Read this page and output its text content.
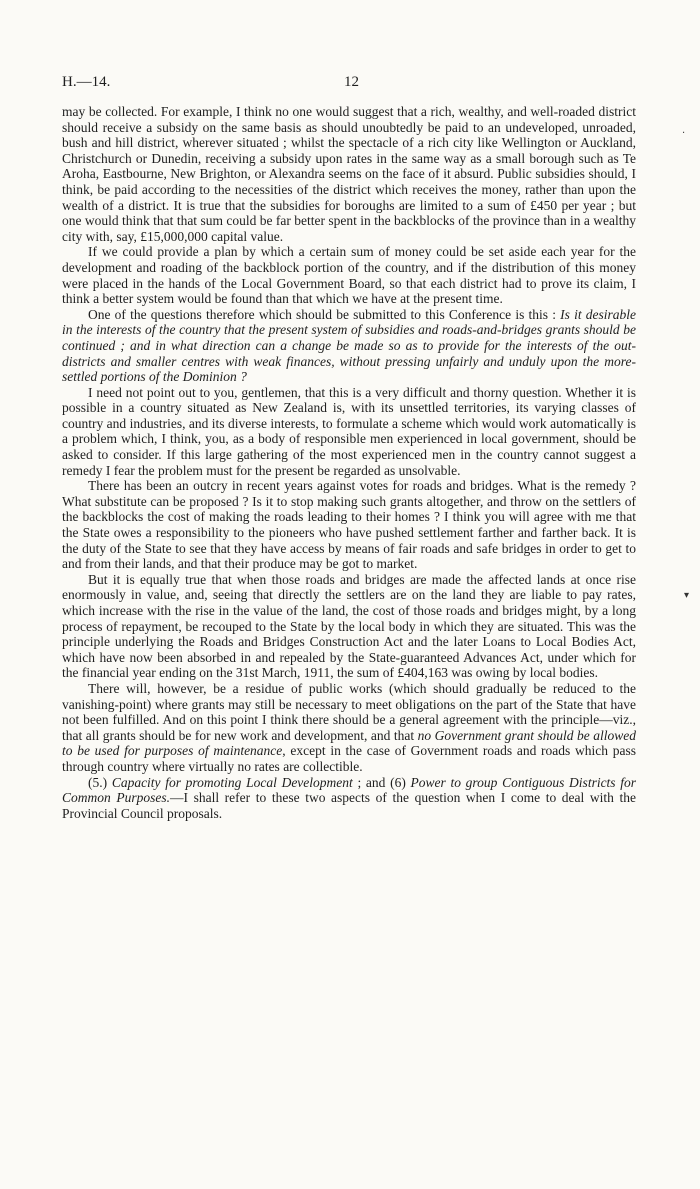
H.—14.	12

may be collected. For example, I think no one would suggest that a rich, wealthy, and well-roaded district should receive a subsidy on the same basis as should unoubtedly be paid to an undeveloped, unroaded, bush and hill district, wherever situated ; whilst the spectacle of a rich city like Wellington or Auckland, Christchurch or Dunedin, receiving a subsidy upon rates in the same way as a small borough such as Te Aroha, Eastbourne, New Brighton, or Alexandra seems on the face of it absurd. Public subsidies should, I think, be paid according to the necessities of the district which receives the money, rather than upon the wealth of a district. It is true that the subsidies for boroughs are limited to a sum of £450 per year ; but one would think that that sum could be far better spent in the backblocks of the province than in a wealthy city with, say, £15,000,000 capital value.

If we could provide a plan by which a certain sum of money could be set aside each year for the development and roading of the backblock portion of the country, and if the distribution of this money were placed in the hands of the Local Government Board, so that each district had to prove its claim, I think a better system would be found than that which we have at the present time.

One of the questions therefore which should be submitted to this Conference is this : Is it desirable in the interests of the country that the present system of subsidies and roads-and-bridges grants should be continued ; and in what direction can a change be made so as to provide for the interests of the out-districts and smaller centres with weak finances, without pressing unfairly and unduly upon the more-settled portions of the Dominion ?

I need not point out to you, gentlemen, that this is a very difficult and thorny question. Whether it is possible in a country situated as New Zealand is, with its unsettled territories, its varying classes of country and industries, and its diverse interests, to formulate a scheme which would work automatically is a problem which, I think, you, as a body of responsible men experienced in local government, should be asked to consider. If this large gathering of the most experienced men in the country cannot suggest a remedy I fear the problem must for the present be regarded as unsolvable.

There has been an outcry in recent years against votes for roads and bridges. What is the remedy ? What substitute can be proposed ? Is it to stop making such grants altogether, and throw on the settlers of the backblocks the cost of making the roads leading to their homes ? I think you will agree with me that the State owes a responsibility to the pioneers who have pushed settlement farther and farther back. It is the duty of the State to see that they have access by means of fair roads and safe bridges in order to get to and from their lands, and that their produce may be got to market.

But it is equally true that when those roads and bridges are made the affected lands at once rise enormously in value, and, seeing that directly the settlers are on the land they are liable to pay rates, which increase with the rise in the value of the land, the cost of those roads and bridges might, by a long process of repayment, be recouped to the State by the local body in which they are situated. This was the principle underlying the Roads and Bridges Construction Act and the later Loans to Local Bodies Act, which have now been absorbed in and repealed by the State-guaranteed Advances Act, under which for the financial year ending on the 31st March, 1911, the sum of £404,163 was owing by local bodies.

There will, however, be a residue of public works (which should gradually be reduced to the vanishing-point) where grants may still be necessary to meet obligations on the part of the State that have not been fulfilled. And on this point I think there should be a general agreement with the principle—viz., that all grants should be for new work and development, and that no Government grant should be allowed to be used for purposes of maintenance, except in the case of Government roads and roads which pass through country where virtually no rates are collectible.

(5.) Capacity for promoting Local Development ; and (6) Power to group Contiguous Districts for Common Purposes.—I shall refer to these two aspects of the question when I come to deal with the Provincial Council proposals.

‧
▾
